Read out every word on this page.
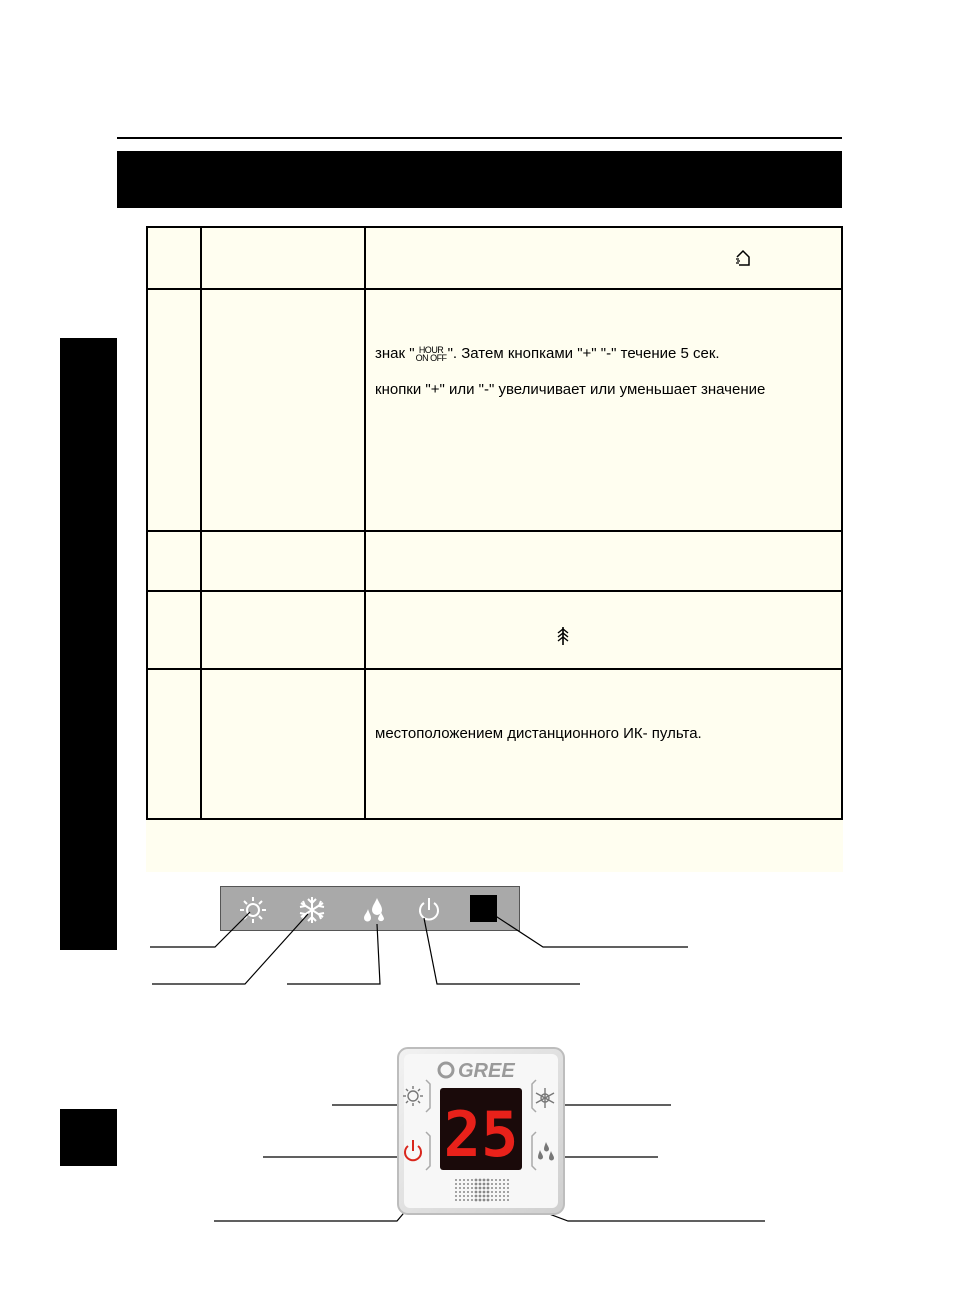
знак " HOUR
ON OFF". Затем кнопками "+" "-" течение 5 сек.
кнопки "+" или "-" увеличивает или уменьшает значение
местоположением дистанционного ИК- пульта.
GREE
25
